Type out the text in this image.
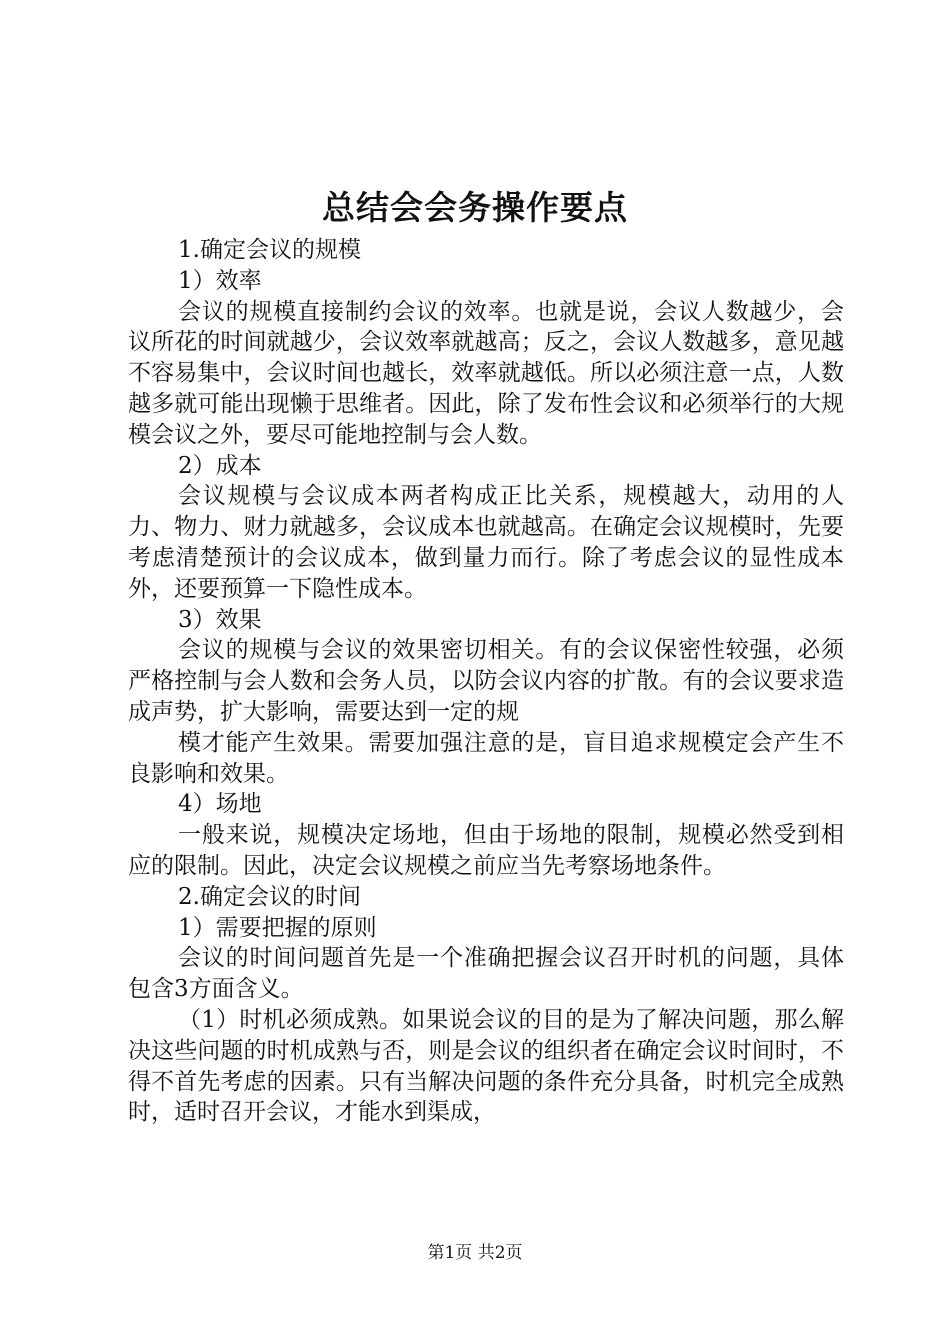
总结会会务操作要点

1.确定会议的规模

1）效率

会议的规模直接制约会议的效率。也就是说，会议人数越少，会议所花的时间就越少，会议效率就越高；反之，会议人数越多，意见越不容易集中，会议时间也越长，效率就越低。所以必须注意一点，人数越多就可能出现懒于思维者。因此，除了发布性会议和必须举行的大规模会议之外，要尽可能地控制与会人数。

2）成本

会议规模与会议成本两者构成正比关系，规模越大，动用的人力、物力、财力就越多，会议成本也就越高。在确定会议规模时，先要考虑清楚预计的会议成本，做到量力而行。除了考虑会议的显性成本外，还要预算一下隐性成本。

3）效果

会议的规模与会议的效果密切相关。有的会议保密性较强，必须严格控制与会人数和会务人员，以防会议内容的扩散。有的会议要求造成声势，扩大影响，需要达到一定的规

模才能产生效果。需要加强注意的是，盲目追求规模定会产生不良影响和效果。

4）场地

一般来说，规模决定场地，但由于场地的限制，规模必然受到相应的限制。因此，决定会议规模之前应当先考察场地条件。

2.确定会议的时间

1）需要把握的原则

会议的时间问题首先是一个准确把握会议召开时机的问题，具体包含3方面含义。

（1）时机必须成熟。如果说会议的目的是为了解决问题，那么解决这些问题的时机成熟与否，则是会议的组织者在确定会议时间时，不得不首先考虑的因素。只有当解决问题的条件充分具备，时机完全成熟时，适时召开会议，才能水到渠成，

第1页 共2页
